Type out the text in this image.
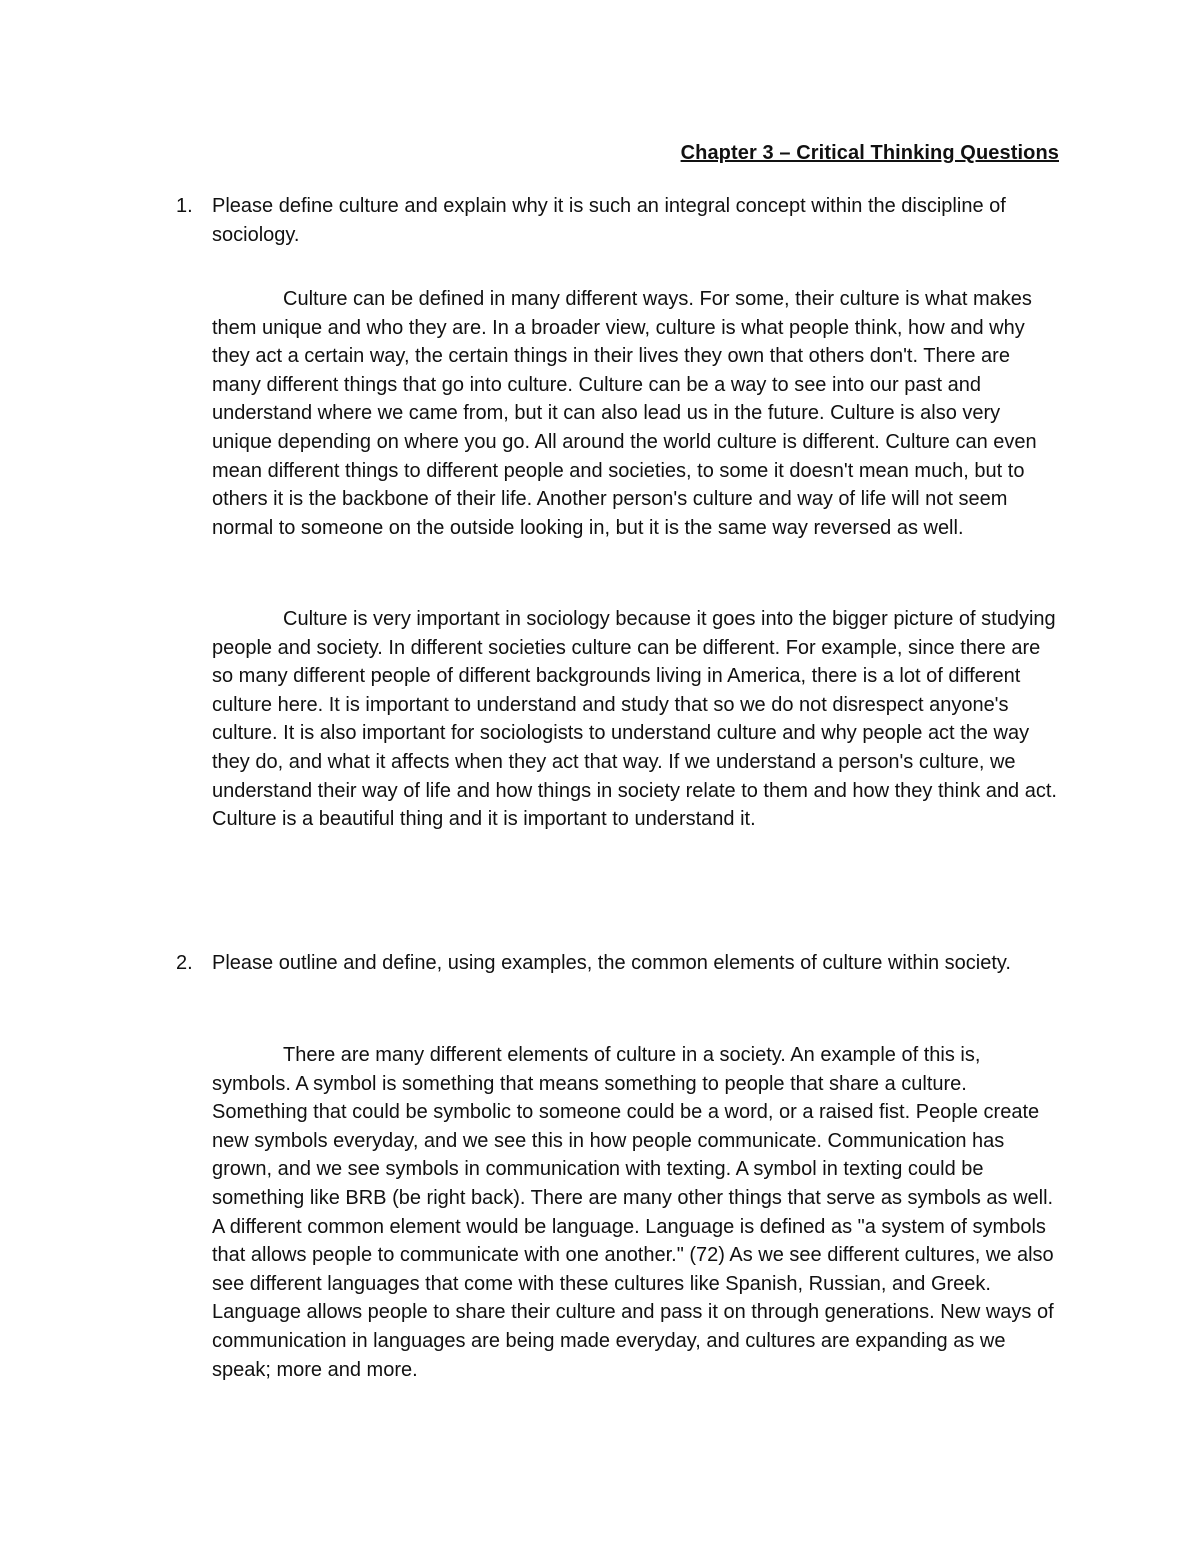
Chapter 3 – Critical Thinking Questions
1. Please define culture and explain why it is such an integral concept within the discipline of sociology.

Culture can be defined in many different ways. For some, their culture is what makes them unique and who they are. In a broader view, culture is what people think, how and why they act a certain way, the certain things in their lives they own that others don't. There are many different things that go into culture. Culture can be a way to see into our past and understand where we came from, but it can also lead us in the future. Culture is also very unique depending on where you go. All around the world culture is different. Culture can even mean different things to different people and societies, to some it doesn't mean much, but to others it is the backbone of their life. Another person's culture and way of life will not seem normal to someone on the outside looking in, but it is the same way reversed as well.

Culture is very important in sociology because it goes into the bigger picture of studying people and society. In different societies culture can be different. For example, since there are so many different people of different backgrounds living in America, there is a lot of different culture here. It is important to understand and study that so we do not disrespect anyone's culture. It is also important for sociologists to understand culture and why people act the way they do, and what it affects when they act that way. If we understand a person's culture, we understand their way of life and how things in society relate to them and how they think and act. Culture is a beautiful thing and it is important to understand it.

2. Please outline and define, using examples, the common elements of culture within society.

There are many different elements of culture in a society. An example of this is, symbols. A symbol is something that means something to people that share a culture. Something that could be symbolic to someone could be a word, or a raised fist. People create new symbols everyday, and we see this in how people communicate. Communication has grown, and we see symbols in communication with texting. A symbol in texting could be something like BRB (be right back). There are many other things that serve as symbols as well. A different common element would be language. Language is defined as "a system of symbols that allows people to communicate with one another." (72) As we see different cultures, we also see different languages that come with these cultures like Spanish, Russian, and Greek. Language allows people to share their culture and pass it on through generations. New ways of communication in languages are being made everyday, and cultures are expanding as we speak; more and more.
